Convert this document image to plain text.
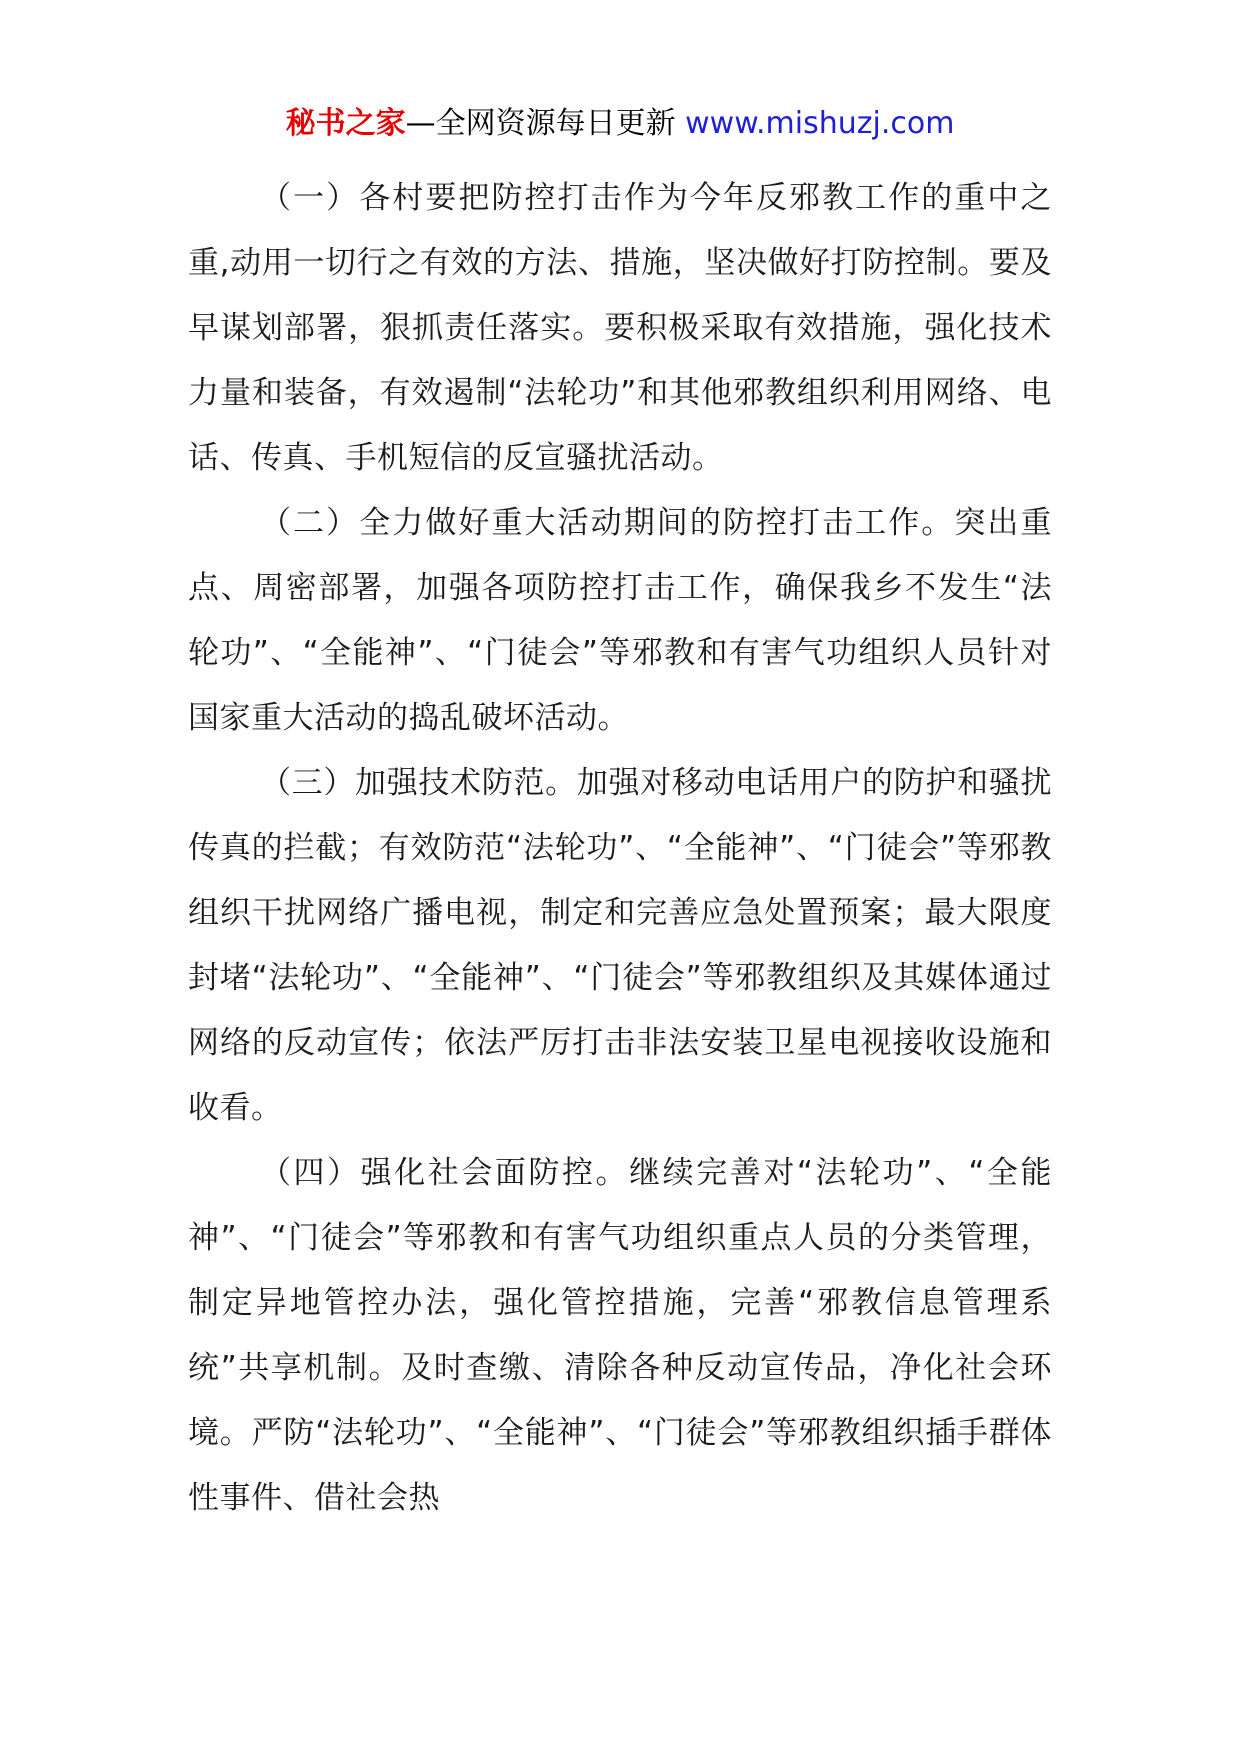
秘书之家—全网资源每日更新 www.mishuzj.com

（一）各村要把防控打击作为今年反邪教工作的重中之重,动用一切行之有效的方法、措施，坚决做好打防控制。要及早谋划部署，狠抓责任落实。要积极采取有效措施，强化技术力量和装备，有效遏制“法轮功”和其他邪教组织利用网络、电话、传真、手机短信的反宣骚扰活动。

（二）全力做好重大活动期间的防控打击工作。突出重点、周密部署，加强各项防控打击工作，确保我乡不发生“法轮功”、“全能神”、“门徒会”等邪教和有害气功组织人员针对国家重大活动的捣乱破坏活动。

（三）加强技术防范。加强对移动电话用户的防护和骚扰传真的拦截；有效防范“法轮功”、“全能神”、“门徒会”等邪教组织干扰网络广播电视，制定和完善应急处置预案；最大限度封堵“法轮功”、“全能神”、“门徒会”等邪教组织及其媒体通过网络的反动宣传；依法严厉打击非法安装卫星电视接收设施和收看。

（四）强化社会面防控。继续完善对“法轮功”、“全能神”、“门徒会”等邪教和有害气功组织重点人员的分类管理，制定异地管控办法，强化管控措施，完善“邪教信息管理系统”共享机制。及时查缴、清除各种反动宣传品，净化社会环境。严防“法轮功”、“全能神”、“门徒会”等邪教组织插手群体性事件、借社会热
